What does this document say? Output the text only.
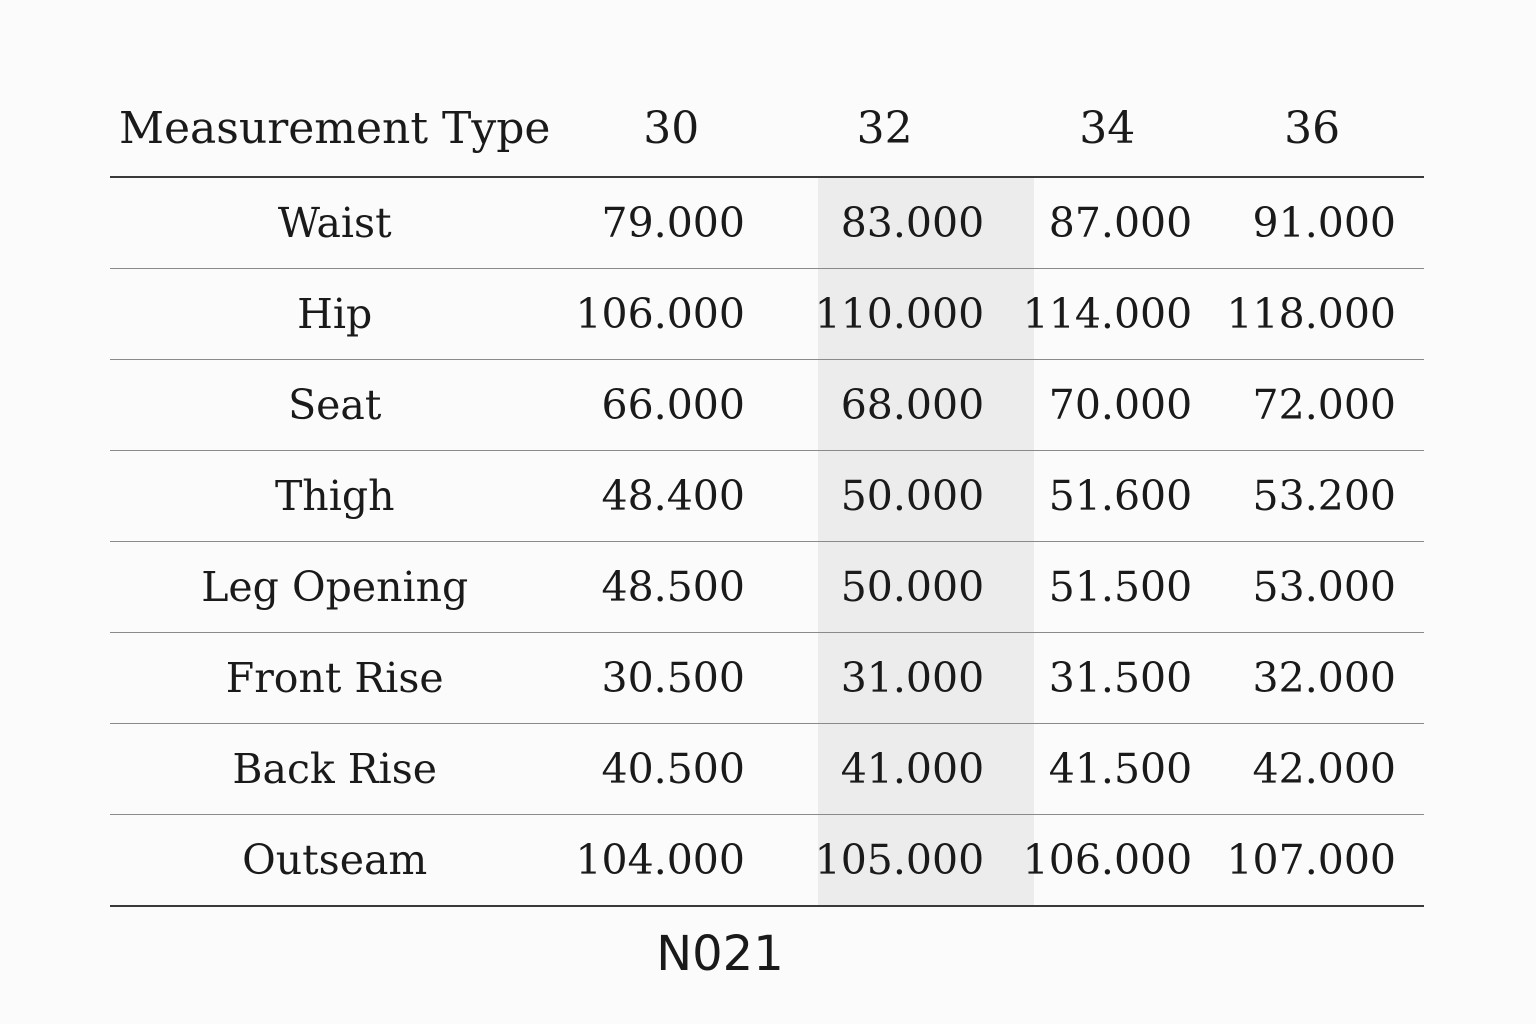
Measurement Type	30	32	34	36
Waist	79.000	83.000	87.000	91.000
Hip	106.000	110.000	114.000	118.000
Seat	66.000	68.000	70.000	72.000
Thigh	48.400	50.000	51.600	53.200
Leg Opening	48.500	50.000	51.500	53.000
Front Rise	30.500	31.000	31.500	32.000
Back Rise	40.500	41.000	41.500	42.000
Outseam	104.000	105.000	106.000	107.000
N021
